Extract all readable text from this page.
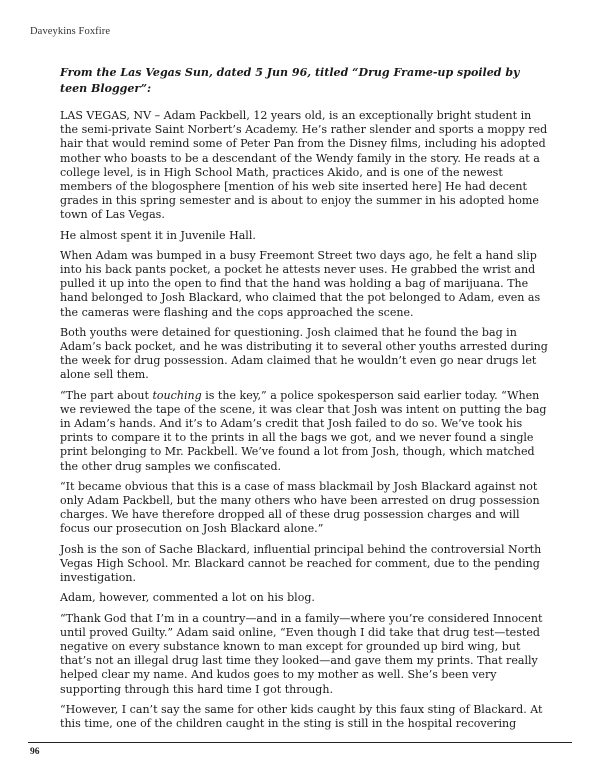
Daveykins Foxfire

From the Las Vegas Sun, dated 5 Jun 96, titled “Drug Frame-up spoiled by teen Blogger”:

LAS VEGAS, NV – Adam Packbell, 12 years old, is an exceptionally bright student in the semi-private Saint Norbert’s Academy. He’s rather slender and sports a moppy red hair that would remind some of Peter Pan from the Disney films, including his adopted mother who boasts to be a descendant of the Wendy family in the story. He reads at a college level, is in High School Math, practices Akido, and is one of the newest members of the blogosphere [mention of his web site inserted here] He had decent grades in this spring semester and is about to enjoy the summer in his adopted home town of Las Vegas.

He almost spent it in Juvenile Hall.

When Adam was bumped in a busy Freemont Street two days ago, he felt a hand slip into his back pants pocket, a pocket he attests never uses. He grabbed the wrist and pulled it up into the open to find that the hand was holding a bag of marijuana. The hand belonged to Josh Blackard, who claimed that the pot belonged to Adam, even as the cameras were flashing and the cops approached the scene.

Both youths were detained for questioning. Josh claimed that he found the bag in Adam’s back pocket, and he was distributing it to several other youths arrested during the week for drug possession. Adam claimed that he wouldn’t even go near drugs let alone sell them.

“The part about touching is the key,” a police spokesperson said earlier today. “When we reviewed the tape of the scene, it was clear that Josh was intent on putting the bag in Adam’s hands. And it’s to Adam’s credit that Josh failed to do so. We’ve took his prints to compare it to the prints in all the bags we got, and we never found a single print belonging to Mr. Packbell. We’ve found a lot from Josh, though, which matched the other drug samples we confiscated.

“It became obvious that this is a case of mass blackmail by Josh Blackard against not only Adam Packbell, but the many others who have been arrested on drug possession charges. We have therefore dropped all of these drug possession charges and will focus our prosecution on Josh Blackard alone.”

Josh is the son of Sache Blackard, influential principal behind the controversial North Vegas High School. Mr. Blackard cannot be reached for comment, due to the pending investigation.

Adam, however, commented a lot on his blog.

“Thank God that I’m in a country—and in a family—where you’re considered Innocent until proved Guilty.” Adam said online, “Even though I did take that drug test—tested negative on every substance known to man except for grounded up bird wing, but that’s not an illegal drug last time they looked—and gave them my prints. That really helped clear my name. And kudos goes to my mother as well. She’s been very supporting through this hard time I got through.

“However, I can’t say the same for other kids caught by this faux sting of Blackard. At this time, one of the children caught in the sting is still in the hospital recovering

96
